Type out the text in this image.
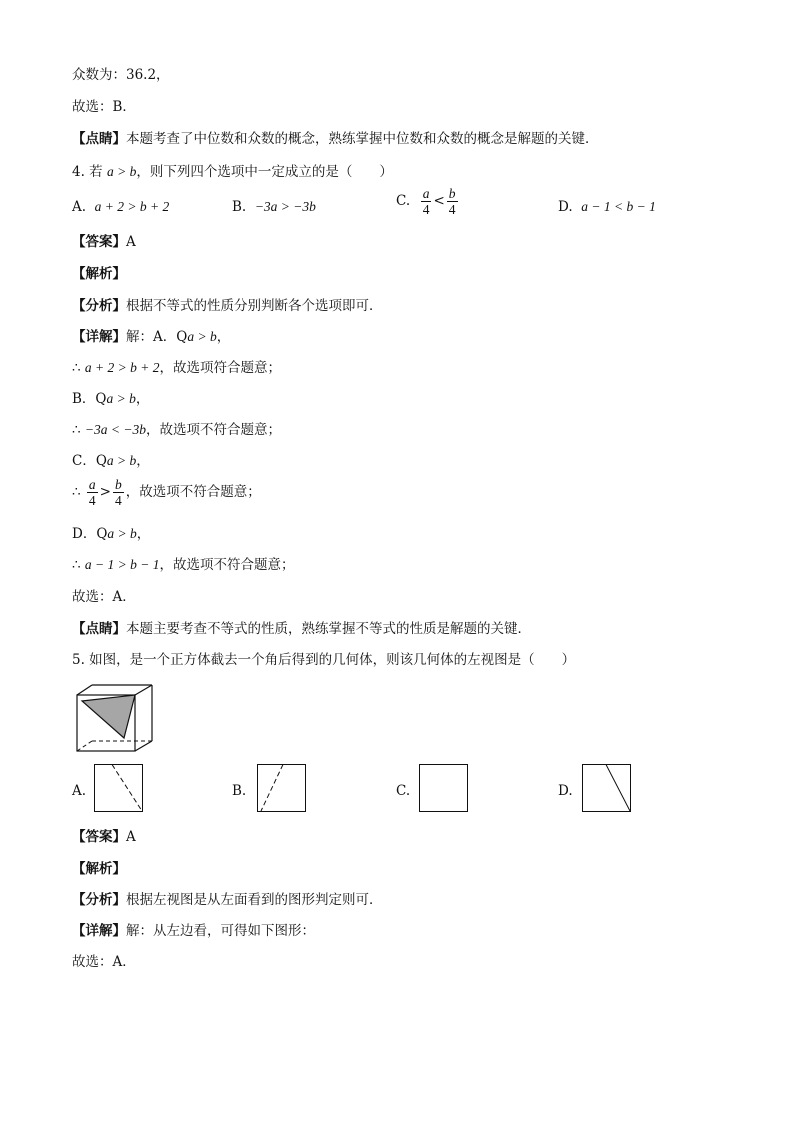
众数为：36.2，
故选：B．
【点睛】本题考查了中位数和众数的概念，熟练掌握中位数和众数的概念是解题的关键．
4. 若 a > b，则下列四个选项中一定成立的是（　　）
A. a + 2 > b + 2	B. −3a > −3b	C. $\frac{a}{4} < \frac{b}{4}$	D. a − 1 < b − 1
【答案】A
【解析】
【分析】根据不等式的性质分别判断各个选项即可．
【详解】解：A．Qa > b，
∴ a + 2 > b + 2，故选项符合题意；
B．Qa > b，
∴ −3a < −3b，故选项不符合题意；
C．Qa > b，
∴ $\frac{a}{4} > \frac{b}{4}$ ，故选项不符合题意；
D．Qa > b，
∴ a − 1 > b − 1，故选项不符合题意；
故选：A．
【点睛】本题主要考查不等式的性质，熟练掌握不等式的性质是解题的关键．
5. 如图，是一个正方体截去一个角后得到的几何体，则该几何体的左视图是（　　）
A.	B.	C.	D.
【答案】A
【解析】
【分析】根据左视图是从左面看到的图形判定则可．
【详解】解：从左边看，可得如下图形：
故选：A．
